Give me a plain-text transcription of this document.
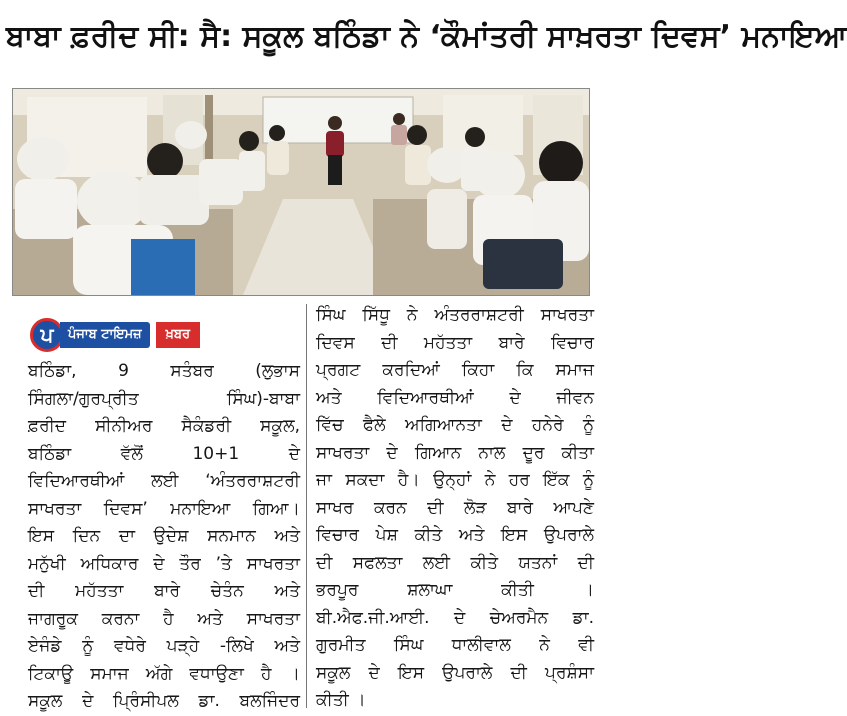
ਬਾਬਾ ਫ਼ਰੀਦ ਸੀ: ਸੈ: ਸਕੂਲ ਬਠਿੰਡਾ ਨੇ ‘ਕੌਮਾਂਤਰੀ ਸਾਖ਼ਰਤਾ ਦਿਵਸ’ ਮਨਾਇਆ
ਪ	ਪੰਜਾਬ ਟਾਇਮਜ਼	ਖ਼ਬਰ
ਬਠਿੰਡਾ, 9 ਸਤੰਬਰ (ਲੁਭਾਸ
ਸਿੰਗਲਾ/ਗੁਰਪ੍ਰੀਤ ਸਿੰਘ)-ਬਾਬਾ
ਫ਼ਰੀਦ ਸੀਨੀਅਰ ਸੈਕੰਡਰੀ ਸਕੂਲ,
ਬਠਿੰਡਾ ਵੱਲੋਂ 10+1 ਦੇ
ਵਿਦਿਆਰਥੀਆਂ ਲਈ ‘ਅੰਤਰਰਾਸ਼ਟਰੀ
ਸਾਖਰਤਾ ਦਿਵਸ’ ਮਨਾਇਆ ਗਿਆ।
ਇਸ ਦਿਨ ਦਾ ਉਦੇਸ਼ ਸਨਮਾਨ ਅਤੇ
ਮਨੁੱਖੀ ਅਧਿਕਾਰ ਦੇ ਤੌਰ ’ਤੇ ਸਾਖਰਤਾ
ਦੀ ਮਹੱਤਤਾ ਬਾਰੇ ਚੇਤੰਨ ਅਤੇ
ਜਾਗਰੂਕ ਕਰਨਾ ਹੈ ਅਤੇ ਸਾਖਰਤਾ
ਏਜੰਡੇ ਨੂੰ ਵਧੇਰੇ ਪੜ੍ਹੇ -ਲਿਖੇ ਅਤੇ
ਟਿਕਾਊ ਸਮਾਜ ਅੱਗੇ ਵਧਾਉਣਾ ਹੈ ।
ਸਕੂਲ ਦੇ ਪ੍ਰਿੰਸੀਪਲ ਡਾ. ਬਲਜਿੰਦਰ
ਸਿੰਘ ਸਿੱਧੂ ਨੇ ਅੰਤਰਰਾਸ਼ਟਰੀ ਸਾਖਰਤਾ
ਦਿਵਸ ਦੀ ਮਹੱਤਤਾ ਬਾਰੇ ਵਿਚਾਰ
ਪ੍ਰਗਟ ਕਰਦਿਆਂ ਕਿਹਾ ਕਿ ਸਮਾਜ
ਅਤੇ ਵਿਦਿਆਰਥੀਆਂ ਦੇ ਜੀਵਨ
ਵਿੱਚ ਫੈਲੇ ਅਗਿਆਨਤਾ ਦੇ ਹਨੇਰੇ ਨੂੰ
ਸਾਖਰਤਾ ਦੇ ਗਿਆਨ ਨਾਲ ਦੂਰ ਕੀਤਾ
ਜਾ ਸਕਦਾ ਹੈ। ਉਨ੍ਹਾਂ ਨੇ ਹਰ ਇੱਕ ਨੂੰ
ਸਾਖਰ ਕਰਨ ਦੀ ਲੋੜ ਬਾਰੇ ਆਪਣੇ
ਵਿਚਾਰ ਪੇਸ਼ ਕੀਤੇ ਅਤੇ ਇਸ ਉਪਰਾਲੇ
ਦੀ ਸਫਲਤਾ ਲਈ ਕੀਤੇ ਯਤਨਾਂ ਦੀ
ਭਰਪੂਰ ਸ਼ਲਾਘਾ ਕੀਤੀ ।
ਬੀ.ਐਫ.ਜੀ.ਆਈ. ਦੇ ਚੇਅਰਮੈਨ ਡਾ.
ਗੁਰਮੀਤ ਸਿੰਘ ਧਾਲੀਵਾਲ ਨੇ ਵੀ
ਸਕੂਲ ਦੇ ਇਸ ਉਪਰਾਲੇ ਦੀ ਪ੍ਰਸ਼ੰਸਾ
ਕੀਤੀ ।
